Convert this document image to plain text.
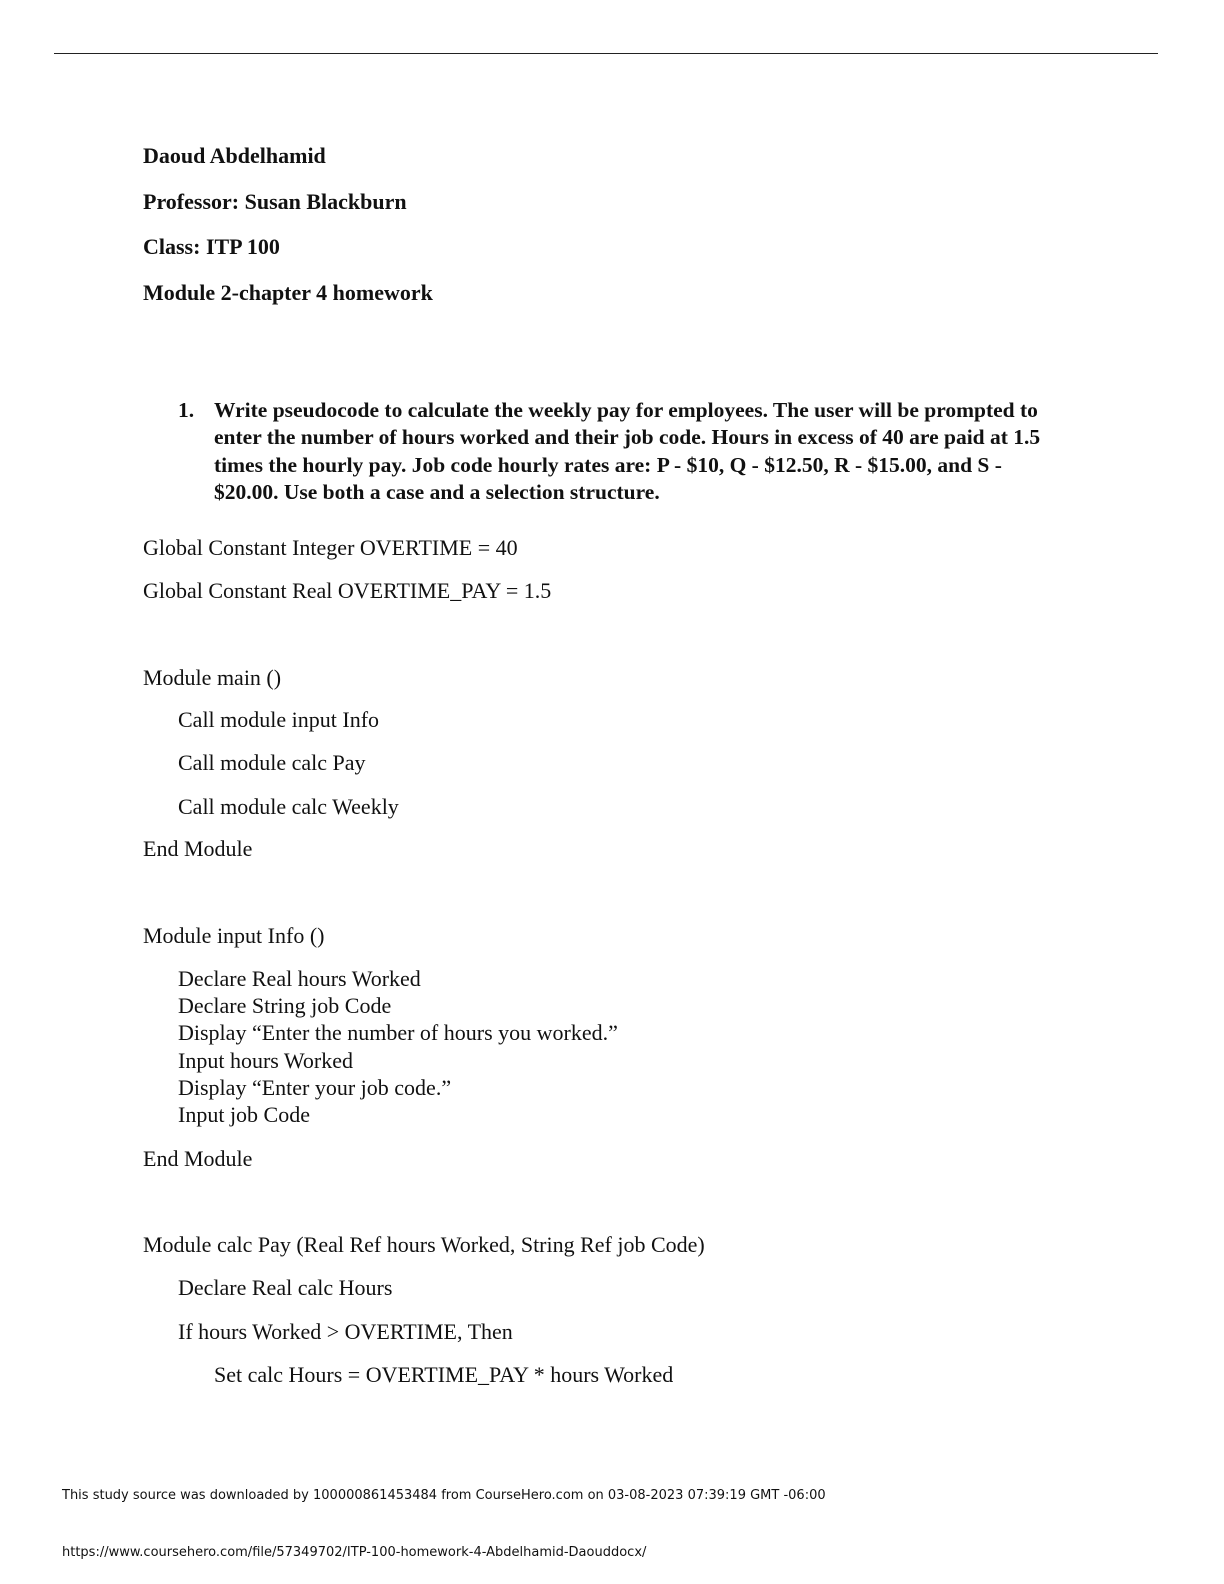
Daoud Abdelhamid
Professor: Susan Blackburn
Class: ITP 100
Module 2-chapter 4 homework
1. Write pseudocode to calculate the weekly pay for employees. The user will be prompted to enter the number of hours worked and their job code. Hours in excess of 40 are paid at 1.5 times the hourly pay. Job code hourly rates are: P - $10, Q - $12.50, R - $15.00, and S - $20.00. Use both a case and a selection structure.
Global Constant Integer OVERTIME = 40
Global Constant Real OVERTIME_PAY = 1.5
Module main ()
Call module input Info
Call module calc Pay
Call module calc Weekly
End Module
Module input Info ()
Declare Real hours Worked
Declare String job Code
Display “Enter the number of hours you worked.”
Input hours Worked
Display “Enter your job code.”
Input job Code
End Module
Module calc Pay (Real Ref hours Worked, String Ref job Code)
Declare Real calc Hours
If hours Worked > OVERTIME, Then
Set calc Hours = OVERTIME_PAY * hours Worked
This study source was downloaded by 100000861453484 from CourseHero.com on 03-08-2023 07:39:19 GMT -06:00
https://www.coursehero.com/file/57349702/ITP-100-homework-4-Abdelhamid-Daouddocx/
